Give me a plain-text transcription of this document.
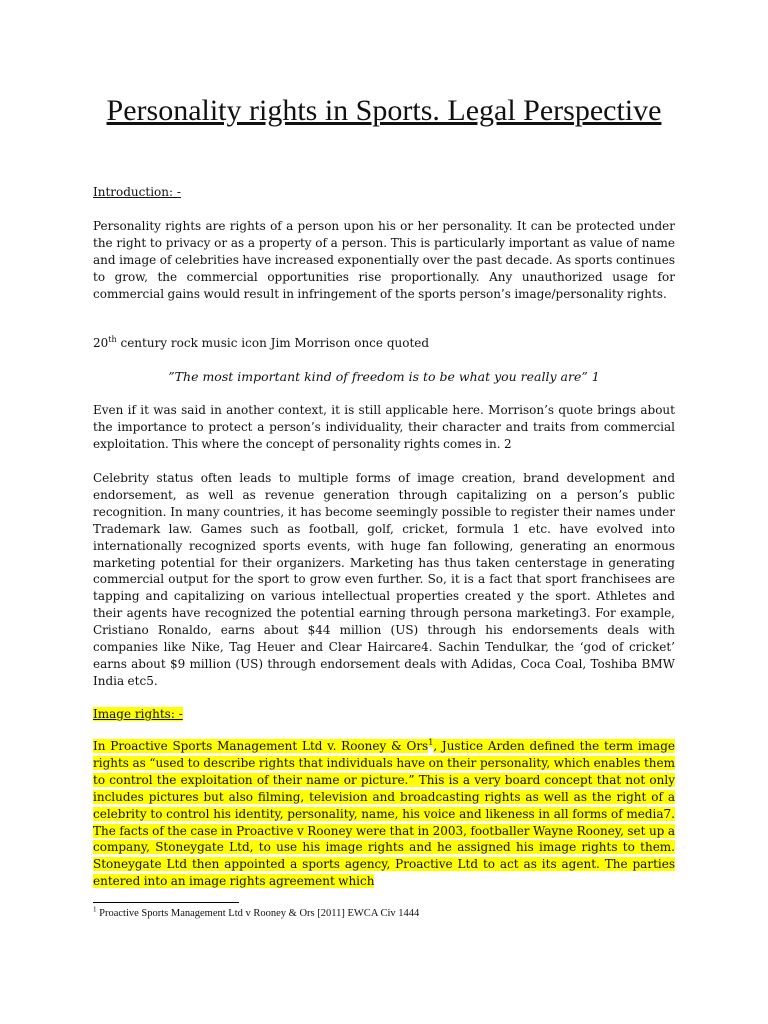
Personality rights in Sports. Legal Perspective

Introduction: -

Personality rights are rights of a person upon his or her personality. It can be protected under the right to privacy or as a property of a person. This is particularly important as value of name and image of celebrities have increased exponentially over the past decade. As sports continues to grow, the commercial opportunities rise proportionally. Any unauthorized usage for commercial gains would result in infringement of the sports person’s image/personality rights.

20th century rock music icon Jim Morrison once quoted

”The most important kind of freedom is to be what you really are” 1

Even if it was said in another context, it is still applicable here. Morrison’s quote brings about the importance to protect a person’s individuality, their character and traits from commercial exploitation. This where the concept of personality rights comes in. 2

Celebrity status often leads to multiple forms of image creation, brand development and endorsement, as well as revenue generation through capitalizing on a person’s public recognition. In many countries, it has become seemingly possible to register their names under Trademark law. Games such as football, golf, cricket, formula 1 etc. have evolved into internationally recognized sports events, with huge fan following, generating an enormous marketing potential for their organizers. Marketing has thus taken centerstage in generating commercial output for the sport to grow even further. So, it is a fact that sport franchisees are tapping and capitalizing on various intellectual properties created y the sport. Athletes and their agents have recognized the potential earning through persona marketing3. For example, Cristiano Ronaldo, earns about $44 million (US) through his endorsements deals with companies like Nike, Tag Heuer and Clear Haircare4. Sachin Tendulkar, the ‘god of cricket’ earns about $9 million (US) through endorsement deals with Adidas, Coca Coal, Toshiba BMW India etc5.

Image rights: -

In Proactive Sports Management Ltd v. Rooney & Ors$^1$, Justice Arden defined the term image rights as “used to describe rights that individuals have on their personality, which enables them to control the exploitation of their name or picture.” This is a very board concept that not only includes pictures but also filming, television and broadcasting rights as well as the right of a celebrity to control his identity, personality, name, his voice and likeness in all forms of media7. The facts of the case in Proactive v Rooney were that in 2003, footballer Wayne Rooney, set up a company, Stoneygate Ltd, to use his image rights and he assigned his image rights to them. Stoneygate Ltd then appointed a sports agency, Proactive Ltd to act as its agent. The parties entered into an image rights agreement which

$^1$ Proactive Sports Management Ltd v Rooney & Ors [2011] EWCA Civ 1444
